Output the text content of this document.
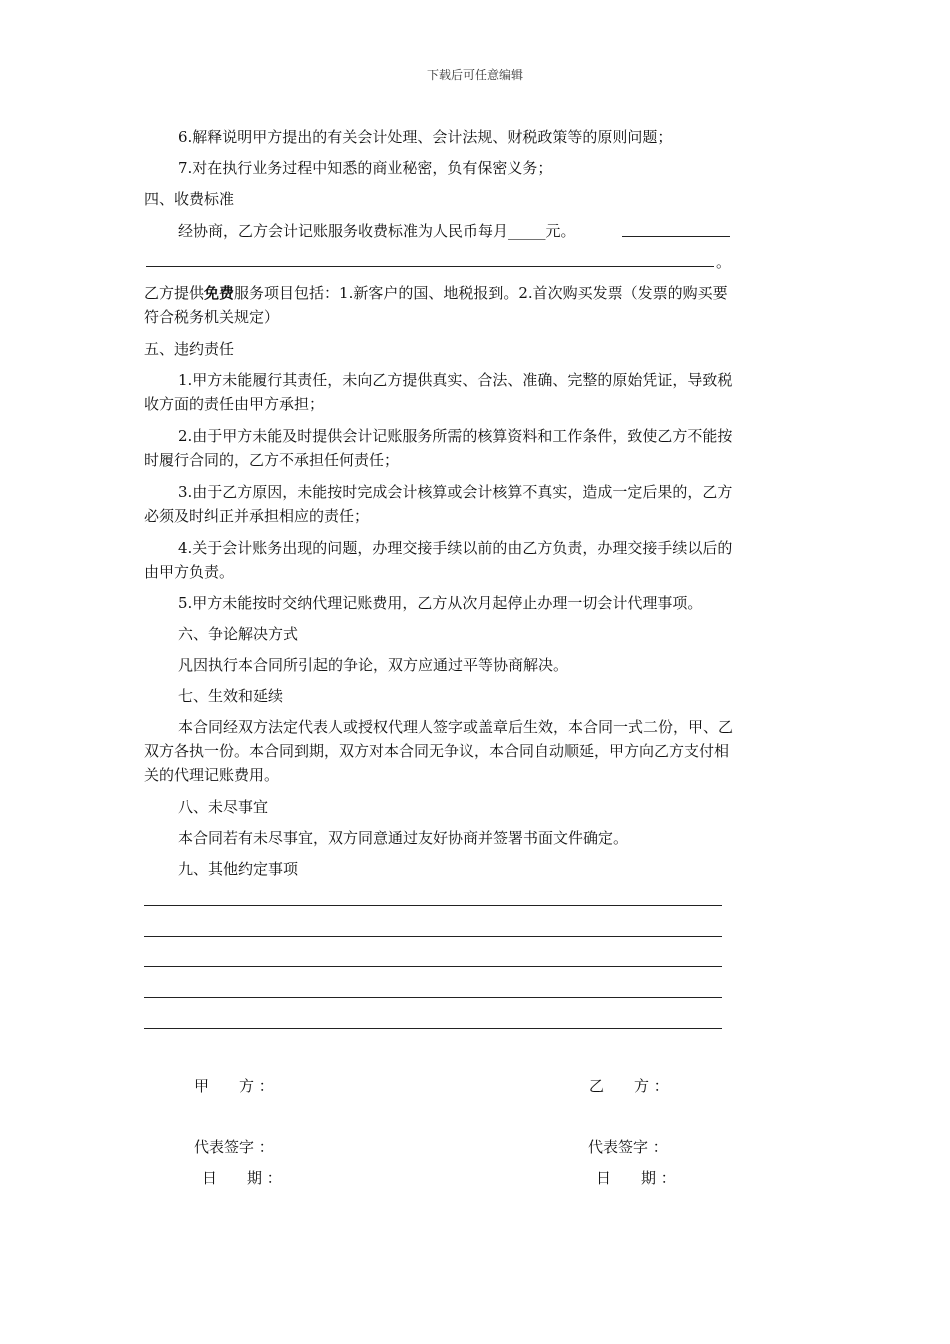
下载后可任意编辑
6.解释说明甲方提出的有关会计处理、会计法规、财税政策等的原则问题；
7.对在执行业务过程中知悉的商业秘密，负有保密义务；
四、收费标准
经协商，乙方会计记账服务收费标准为人民币每月_____元。
。
乙方提供免费服务项目包括：1.新客户的国、地税报到。2.首次购买发票（发票的购买要
符合税务机关规定）
五、违约责任
1.甲方未能履行其责任，未向乙方提供真实、合法、准确、完整的原始凭证，导致税
收方面的责任由甲方承担；
2.由于甲方未能及时提供会计记账服务所需的核算资料和工作条件，致使乙方不能按
时履行合同的，乙方不承担任何责任；
3.由于乙方原因，未能按时完成会计核算或会计核算不真实，造成一定后果的，乙方
必须及时纠正并承担相应的责任；
4.关于会计账务出现的问题，办理交接手续以前的由乙方负责，办理交接手续以后的
由甲方负责。
5.甲方未能按时交纳代理记账费用，乙方从次月起停止办理一切会计代理事项。
六、争论解决方式
凡因执行本合同所引起的争论，双方应通过平等协商解决。
七、生效和延续
本合同经双方法定代表人或授权代理人签字或盖章后生效，本合同一式二份，甲、乙
双方各执一份。本合同到期，双方对本合同无争议，本合同自动顺延，甲方向乙方支付相
关的代理记账费用。
八、未尽事宜
本合同若有未尽事宜，双方同意通过友好协商并签署书面文件确定。
九、其他约定事项
甲　　方 ：	乙　　方 ：
代表签字 ：	代表签字 ：
日　　期 ：	日　　期 ：
